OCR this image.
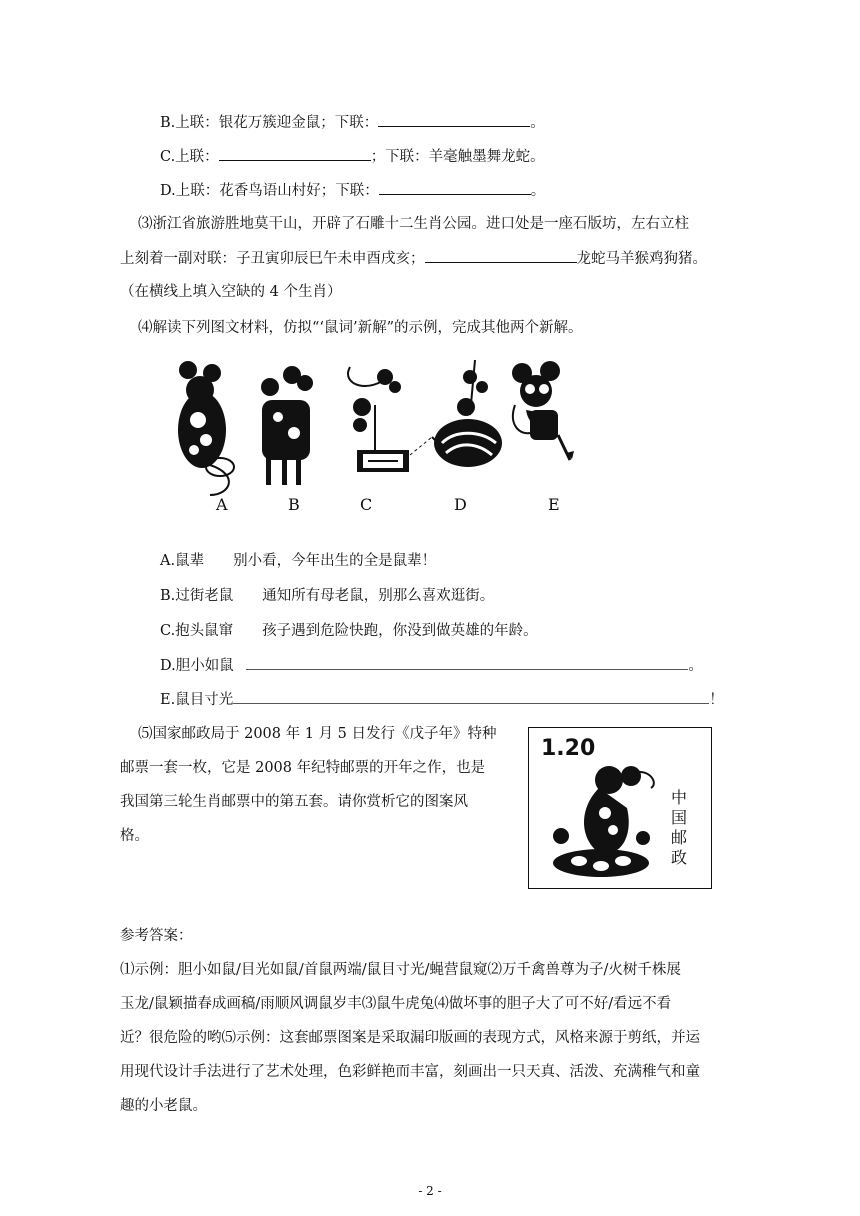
B.上联：银花万簇迎金鼠；下联：	。
C.上联：	；下联：羊毫触墨舞龙蛇。
D.上联：花香鸟语山村好；下联：	。
⑶浙江省旅游胜地莫干山，开辟了石雕十二生肖公园。进口处是一座石版坊，左右立柱
上刻着一副对联：子丑寅卯辰巳午未申酉戌亥；	龙蛇马羊猴鸡狗猪。
（在横线上填入空缺的 4 个生肖）
⑷解读下列图文材料，仿拟“‘鼠词’新解”的示例，完成其他两个新解。
A	B	C	D	E
A.鼠辈　　别小看，今年出生的全是鼠辈！
B.过街老鼠　　通知所有母老鼠，别那么喜欢逛街。
C.抱头鼠窜　　孩子遇到危险快跑，你没到做英雄的年龄。
D.胆小如鼠	。
E.鼠目寸光	！
⑸国家邮政局于 2008 年 1 月 5 日发行《戊子年》特种
邮票一套一枚，它是 2008 年纪特邮票的开年之作，也是
我国第三轮生肖邮票中的第五套。请你赏析它的图案风
格。
1.20
中国邮政
参考答案：
⑴示例：胆小如鼠/目光如鼠/首鼠两端/鼠目寸光/蝇营鼠窥⑵万千禽兽尊为子/火树千株展
玉龙/鼠颖描春成画稿/雨顺风调鼠岁丰⑶鼠牛虎兔⑷做坏事的胆子大了可不好/看远不看
近？很危险的哟⑸示例：这套邮票图案是采取漏印版画的表现方式，风格来源于剪纸，并运
用现代设计手法进行了艺术处理，色彩鲜艳而丰富，刻画出一只天真、活泼、充满稚气和童
趣的小老鼠。
- 2 -
